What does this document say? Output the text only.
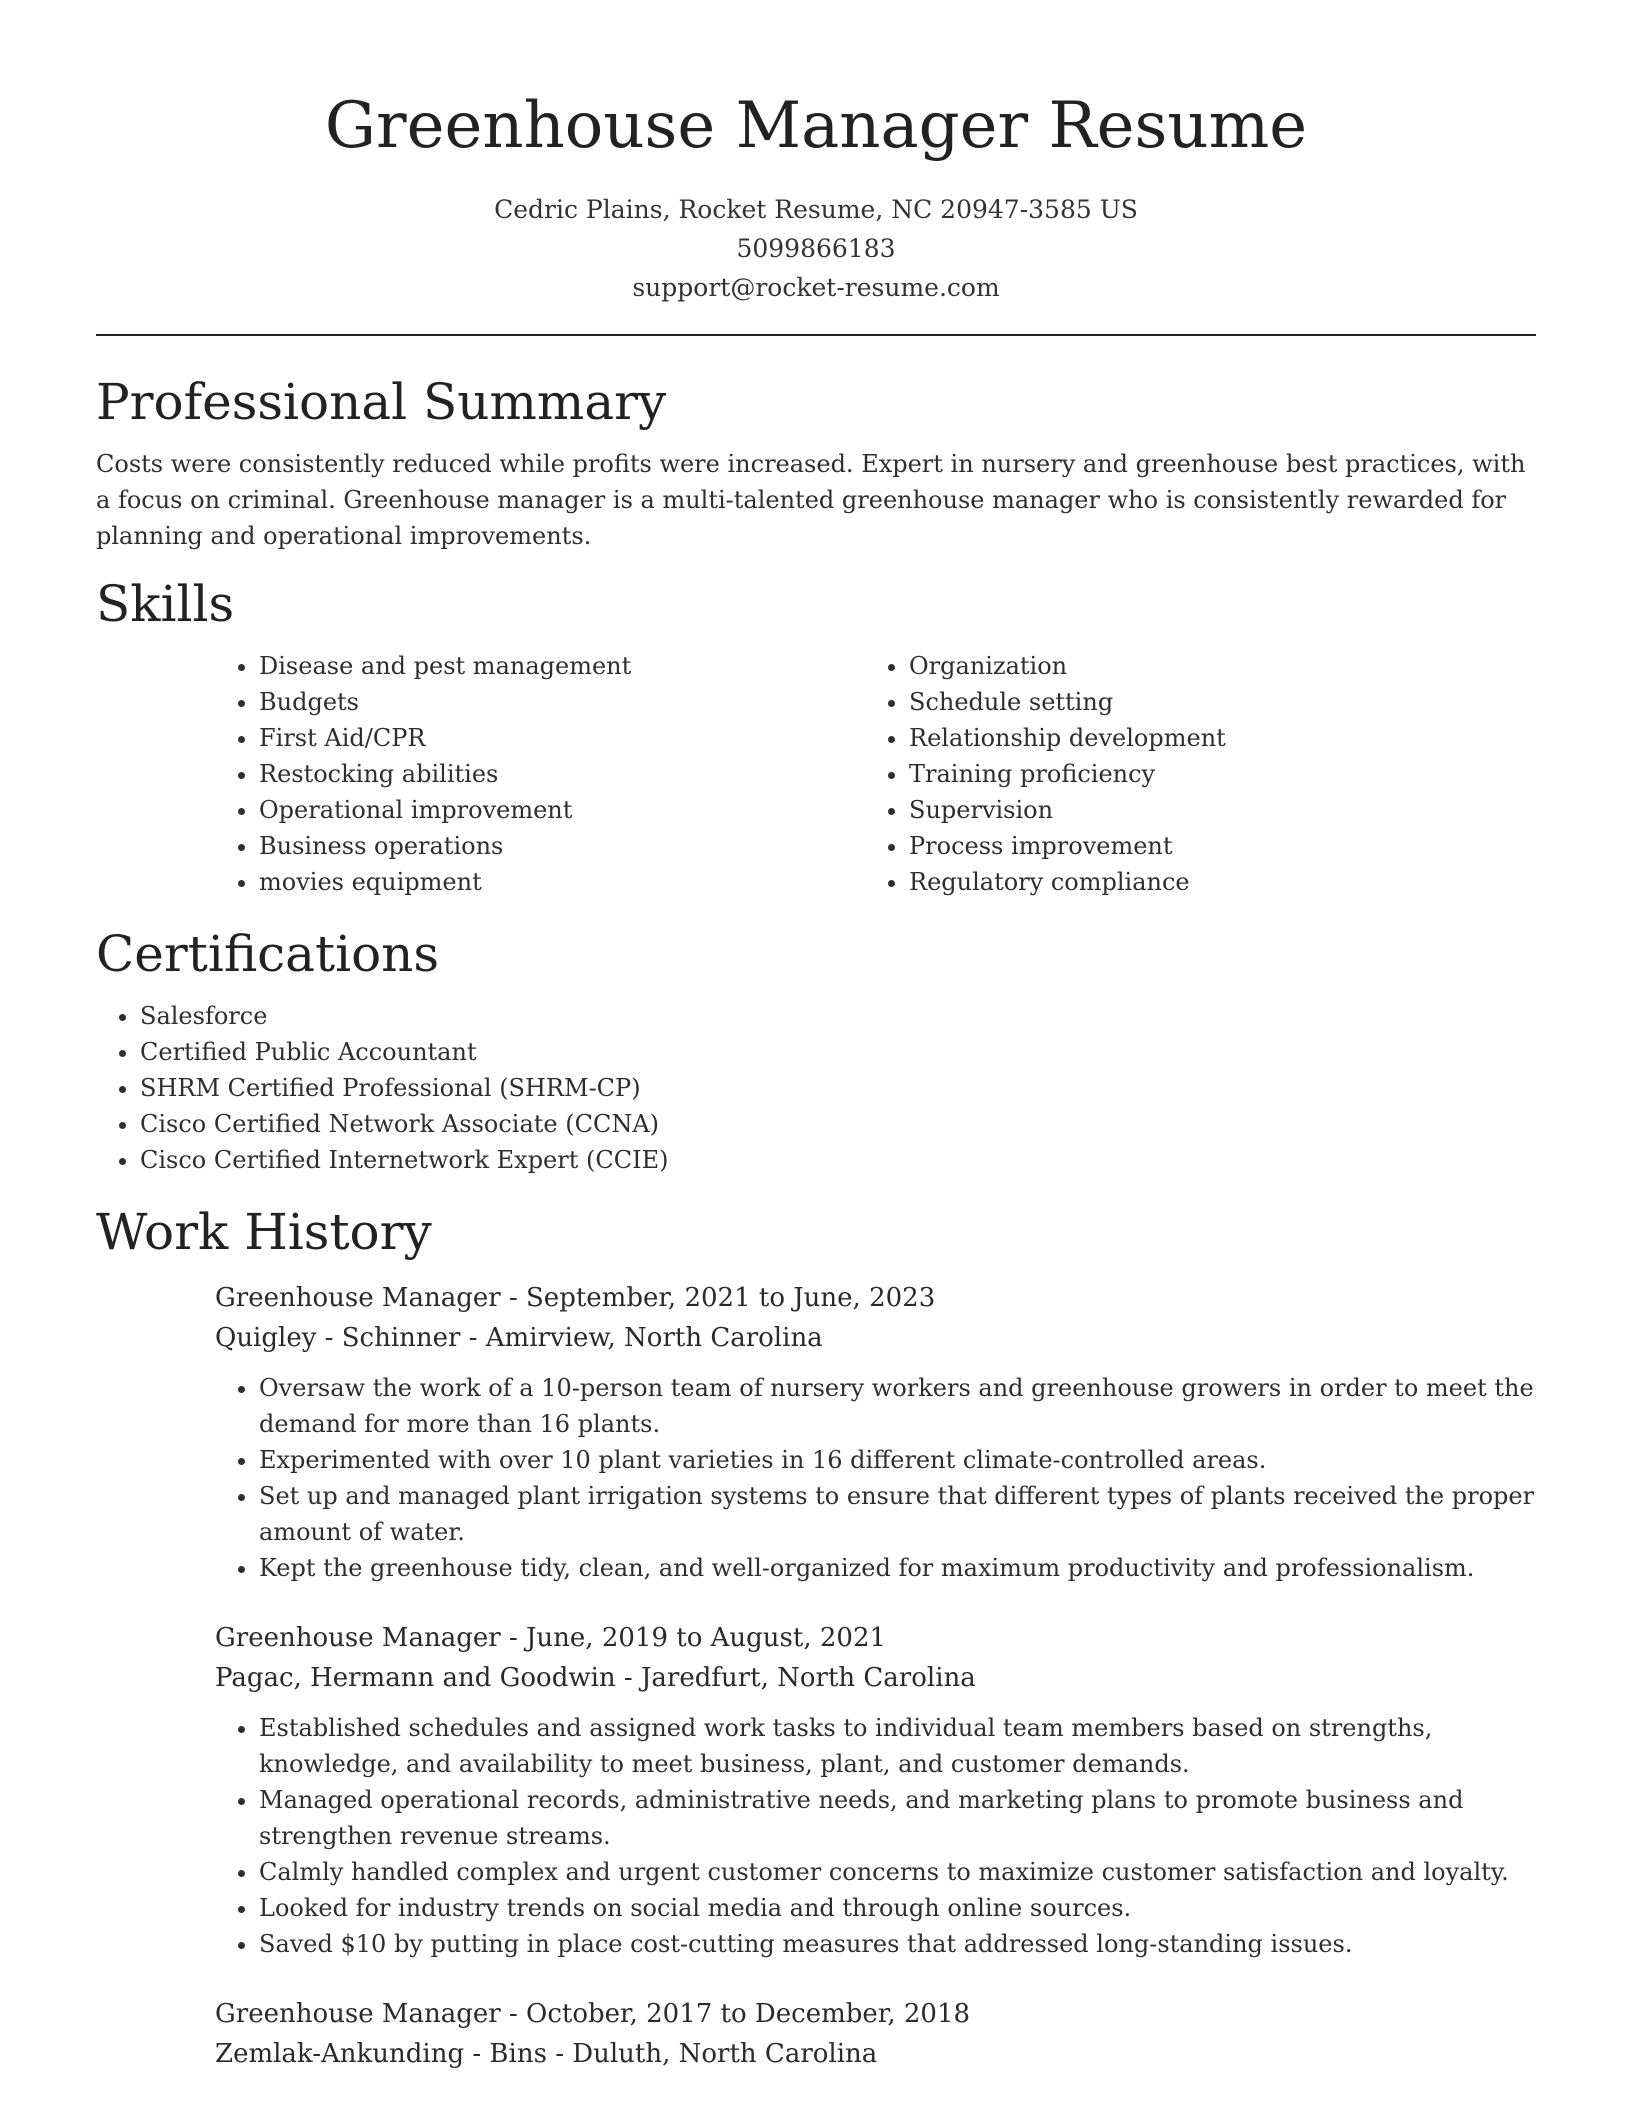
Greenhouse Manager Resume
Cedric Plains, Rocket Resume, NC 20947-3585 US
5099866183
support@rocket-resume.com
Professional Summary

Costs were consistently reduced while profits were increased. Expert in nursery and greenhouse best practices, with a focus on criminal. Greenhouse manager is a multi-talented greenhouse manager who is consistently rewarded for planning and operational improvements.

Skills
• Disease and pest management
• Budgets
• First Aid/CPR
• Restocking abilities
• Operational improvement
• Business operations
• movies equipment
• Organization
• Schedule setting
• Relationship development
• Training proficiency
• Supervision
• Process improvement
• Regulatory compliance
Certifications
• Salesforce
• Certified Public Accountant
• SHRM Certified Professional (SHRM-CP)
• Cisco Certified Network Associate (CCNA)
• Cisco Certified Internetwork Expert (CCIE)
Work History
Greenhouse Manager - September, 2021 to June, 2023
Quigley - Schinner - Amirview, North Carolina
• Oversaw the work of a 10-person team of nursery workers and greenhouse growers in order to meet the demand for more than 16 plants.
• Experimented with over 10 plant varieties in 16 different climate-controlled areas.
• Set up and managed plant irrigation systems to ensure that different types of plants received the proper amount of water.
• Kept the greenhouse tidy, clean, and well-organized for maximum productivity and professionalism.
Greenhouse Manager - June, 2019 to August, 2021
Pagac, Hermann and Goodwin - Jaredfurt, North Carolina
• Established schedules and assigned work tasks to individual team members based on strengths, knowledge, and availability to meet business, plant, and customer demands.
• Managed operational records, administrative needs, and marketing plans to promote business and strengthen revenue streams.
• Calmly handled complex and urgent customer concerns to maximize customer satisfaction and loyalty.
• Looked for industry trends on social media and through online sources.
• Saved $10 by putting in place cost-cutting measures that addressed long-standing issues.
Greenhouse Manager - October, 2017 to December, 2018
Zemlak-Ankunding - Bins - Duluth, North Carolina
